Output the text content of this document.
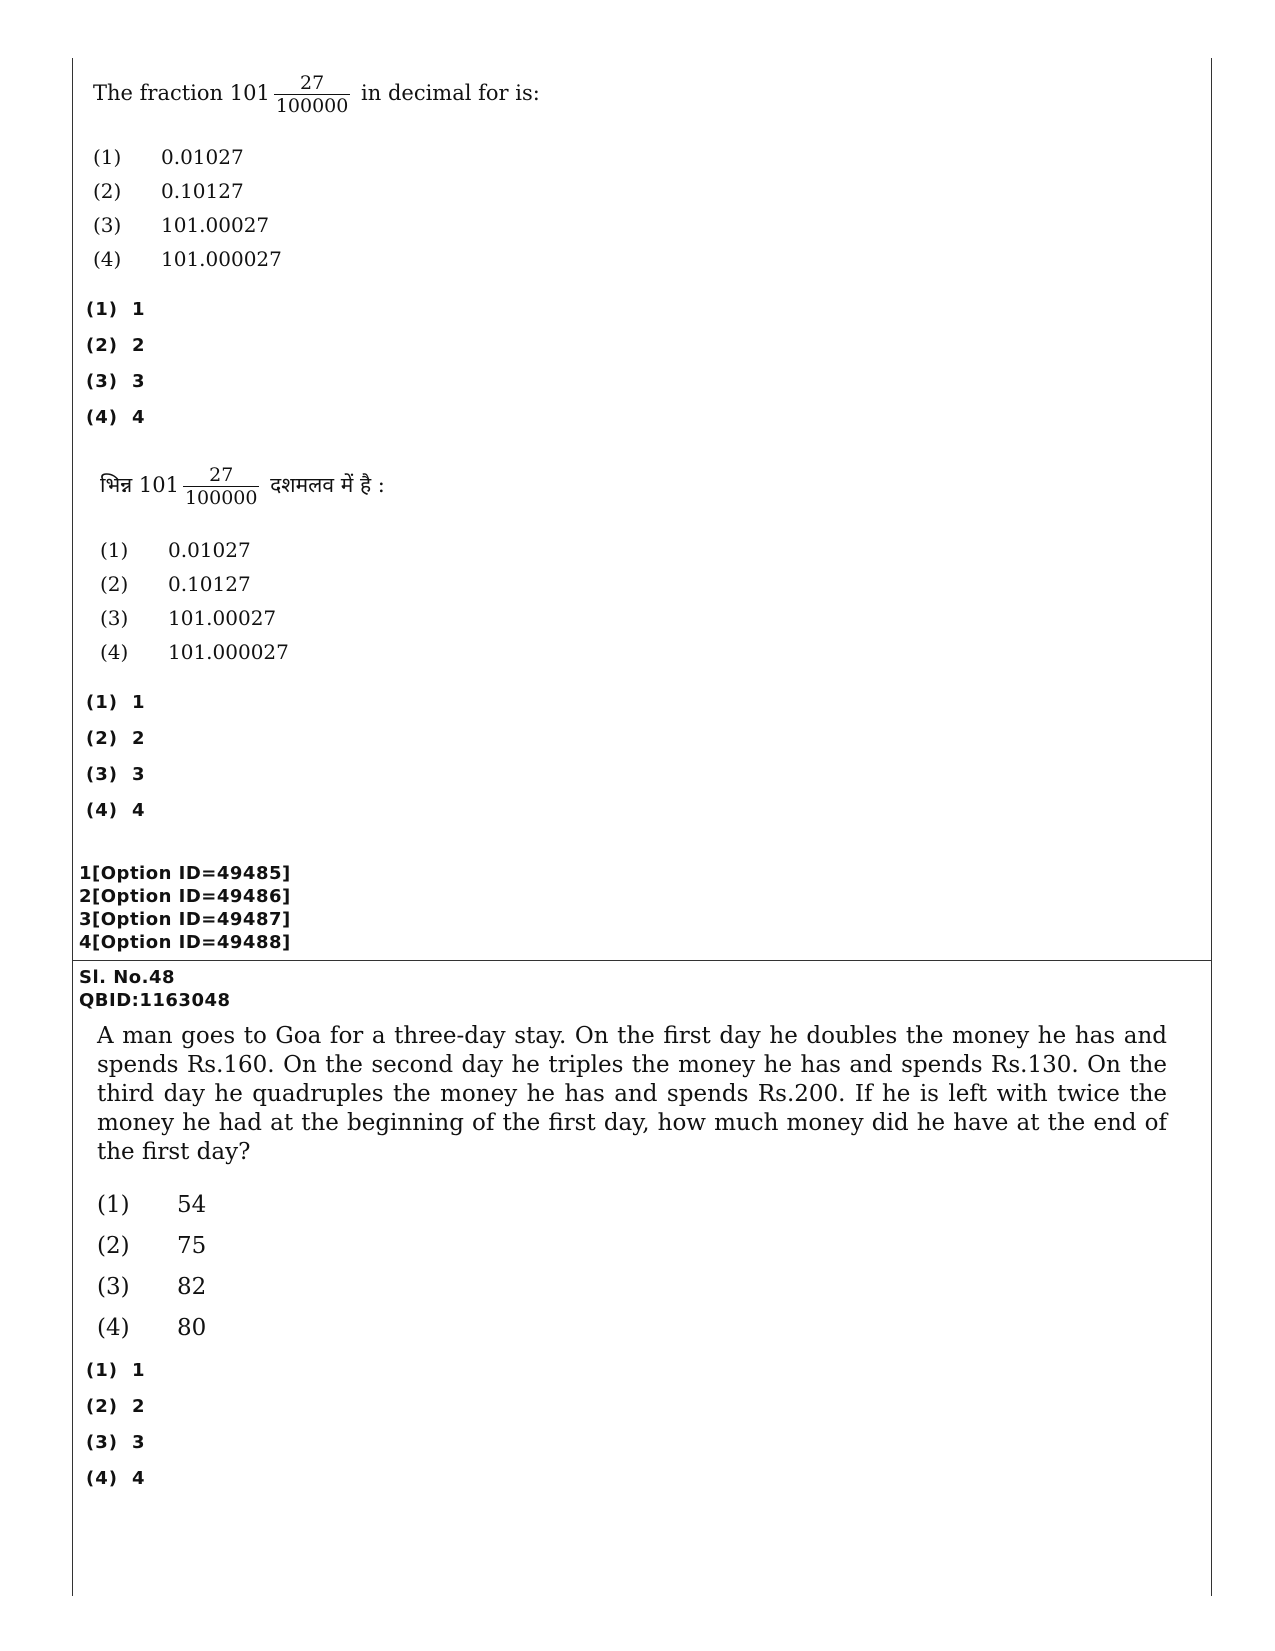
The fraction $101 \frac{27}{100000}$ in decimal for is:
(1)	0.01027
(2)	0.10127
(3)	101.00027
(4)	101.000027
(1) 1
(2) 2
(3) 3
(4) 4
भिन्न $101 \frac{27}{100000}$ दशमलव में है :
(1)	0.01027
(2)	0.10127
(3)	101.00027
(4)	101.000027
(1) 1
(2) 2
(3) 3
(4) 4
1[Option ID=49485]
2[Option ID=49486]
3[Option ID=49487]
4[Option ID=49488]
Sl. No.48
QBID:1163048
A man goes to Goa for a three-day stay. On the first day he doubles the money he has and spends Rs.160. On the second day he triples the money he has and spends Rs.130. On the third day he quadruples the money he has and spends Rs.200. If he is left with twice the money he had at the beginning of the first day, how much money did he have at the end of the first day?
(1)	54
(2)	75
(3)	82
(4)	80
(1) 1
(2) 2
(3) 3
(4) 4
